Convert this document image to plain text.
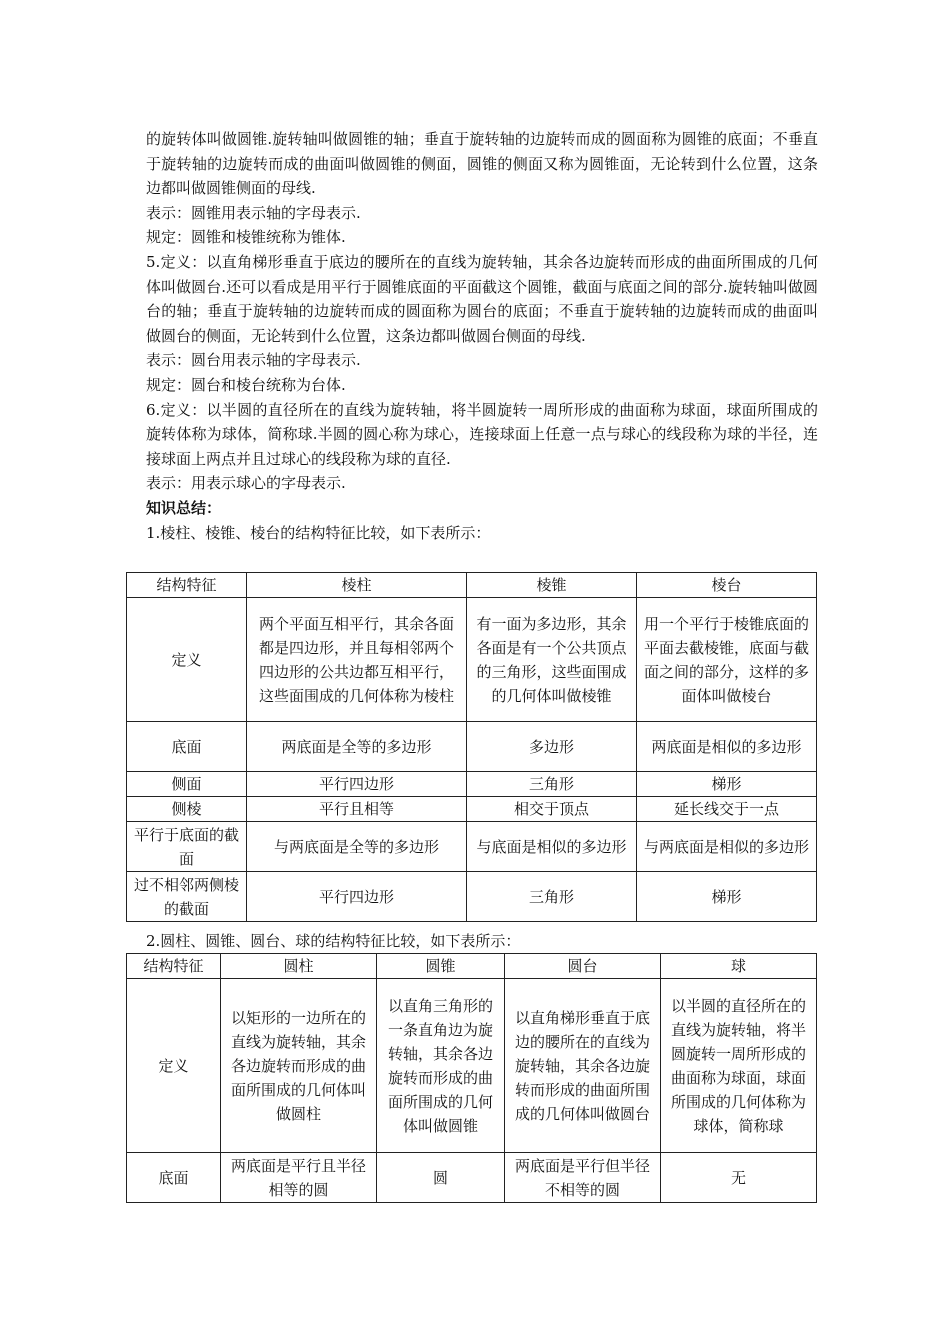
的旋转体叫做圆锥.旋转轴叫做圆锥的轴；垂直于旋转轴的边旋转而成的圆面称为圆锥的底面；不垂直于旋转轴的边旋转而成的曲面叫做圆锥的侧面，圆锥的侧面又称为圆锥面，无论转到什么位置，这条边都叫做圆锥侧面的母线.

表示：圆锥用表示轴的字母表示.

规定：圆锥和棱锥统称为锥体.

5.定义：以直角梯形垂直于底边的腰所在的直线为旋转轴，其余各边旋转而形成的曲面所围成的几何体叫做圆台.还可以看成是用平行于圆锥底面的平面截这个圆锥，截面与底面之间的部分.旋转轴叫做圆台的轴；垂直于旋转轴的边旋转而成的圆面称为圆台的底面；不垂直于旋转轴的边旋转而成的曲面叫做圆台的侧面，无论转到什么位置，这条边都叫做圆台侧面的母线.

表示：圆台用表示轴的字母表示.

规定：圆台和棱台统称为台体.

6.定义：以半圆的直径所在的直线为旋转轴，将半圆旋转一周所形成的曲面称为球面，球面所围成的旋转体称为球体，简称球.半圆的圆心称为球心，连接球面上任意一点与球心的线段称为球的半径，连接球面上两点并且过球心的线段称为球的直径.

表示：用表示球心的字母表示.

知识总结：

1.棱柱、棱锥、棱台的结构特征比较，如下表所示：

结构特征	棱柱	棱锥	棱台
定义	两个平面互相平行，其余各面都是四边形，并且每相邻两个四边形的公共边都互相平行，这些面围成的几何体称为棱柱	有一面为多边形，其余各面是有一个公共顶点的三角形，这些面围成的几何体叫做棱锥	用一个平行于棱锥底面的平面去截棱锥，底面与截面之间的部分，这样的多面体叫做棱台
底面	两底面是全等的多边形	多边形	两底面是相似的多边形
侧面	平行四边形	三角形	梯形
侧棱	平行且相等	相交于顶点	延长线交于一点
平行于底面的截面	与两底面是全等的多边形	与底面是相似的多边形	与两底面是相似的多边形
过不相邻两侧棱的截面	平行四边形	三角形	梯形

2.圆柱、圆锥、圆台、球的结构特征比较，如下表所示：

结构特征	圆柱	圆锥	圆台	球
定义	以矩形的一边所在的直线为旋转轴，其余各边旋转而形成的曲面所围成的几何体叫做圆柱	以直角三角形的一条直角边为旋转轴，其余各边旋转而形成的曲面所围成的几何体叫做圆锥	以直角梯形垂直于底边的腰所在的直线为旋转轴，其余各边旋转而形成的曲面所围成的几何体叫做圆台	以半圆的直径所在的直线为旋转轴，将半圆旋转一周所形成的曲面称为球面，球面所围成的几何体称为球体，简称球
底面	两底面是平行且半径相等的圆	圆	两底面是平行但半径不相等的圆	无
